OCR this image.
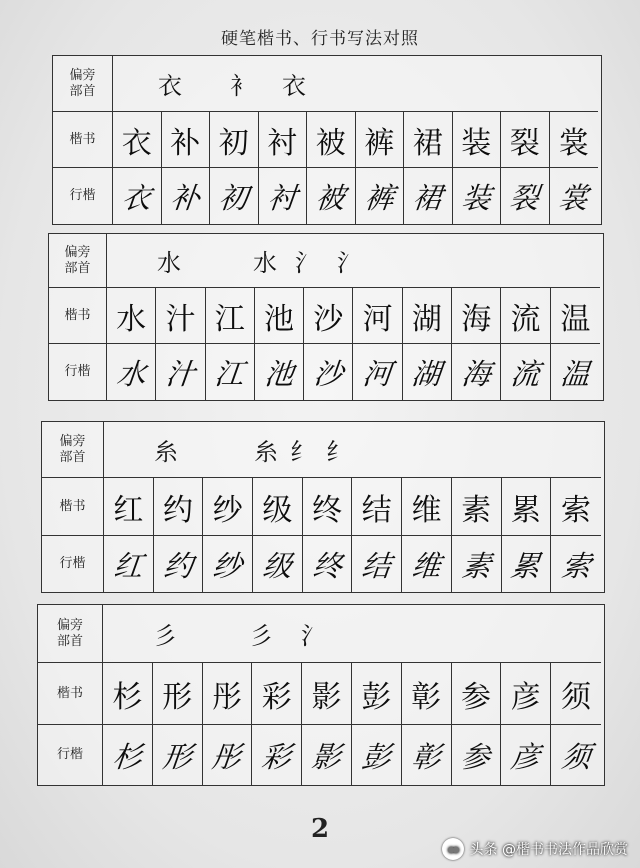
硬笔楷书、行书写法对照
偏旁
部首	衣 衤 衣
楷书 衣 补 初 衬 被 裤 裙 装 裂 裳
行楷 衣 补 初 衬 被 裤 裙 装 裂 裳
偏旁
部首	水	水 氵 氵
楷书 水 汁 江 池 沙 河 湖 海 流 温
行楷 水 汁 江 池 沙 河 湖 海 流 温
偏旁
部首	糸	糸 纟 纟
楷书 红 约 纱 级 终 结 维 素 累 索
行楷 红 约 纱 级 终 结 维 素 累 索
偏旁
部首	彡	彡 氵
楷书 杉 形 彤 彩 影 彭 彰 参 彦 须
行楷 杉 形 彤 彩 影 彭 彰 参 彦 须
2
●●
头条 @楷书书法作品欣赏
